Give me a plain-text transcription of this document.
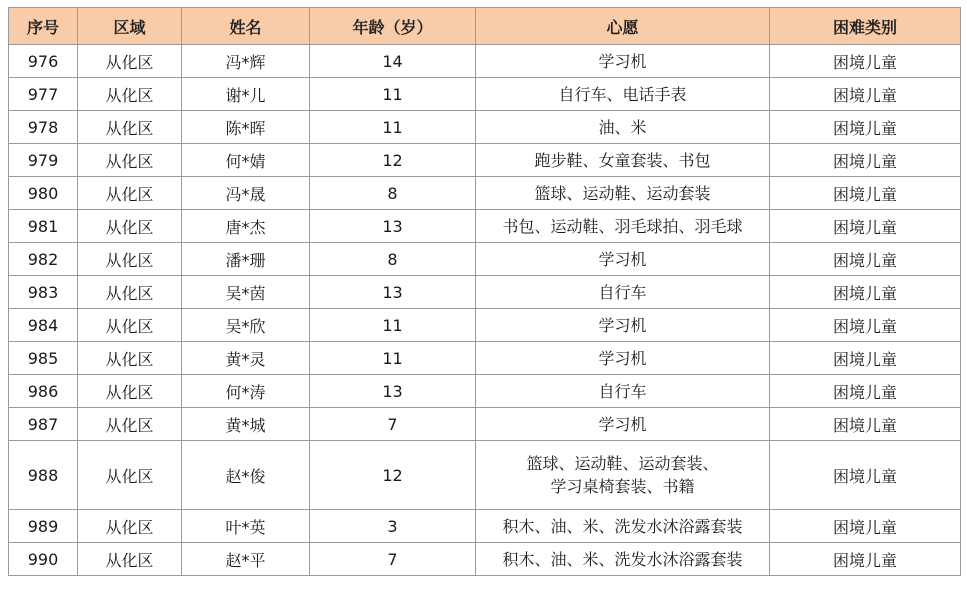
序号	区域	姓名	年龄（岁）	心愿	困难类别
976	从化区	冯*辉	14	学习机	困境儿童
977	从化区	谢*儿	11	自行车、电话手表	困境儿童
978	从化区	陈*晖	11	油、米	困境儿童
979	从化区	何*婧	12	跑步鞋、女童套装、书包	困境儿童
980	从化区	冯*晟	8	篮球、运动鞋、运动套装	困境儿童
981	从化区	唐*杰	13	书包、运动鞋、羽毛球拍、羽毛球	困境儿童
982	从化区	潘*珊	8	学习机	困境儿童
983	从化区	吴*茵	13	自行车	困境儿童
984	从化区	吴*欣	11	学习机	困境儿童
985	从化区	黄*灵	11	学习机	困境儿童
986	从化区	何*涛	13	自行车	困境儿童
987	从化区	黄*城	7	学习机	困境儿童
988	从化区	赵*俊	12	篮球、运动鞋、运动套装、
学习桌椅套装、书籍	困境儿童
989	从化区	叶*英	3	积木、油、米、洗发水沐浴露套装	困境儿童
990	从化区	赵*平	7	积木、油、米、洗发水沐浴露套装	困境儿童
